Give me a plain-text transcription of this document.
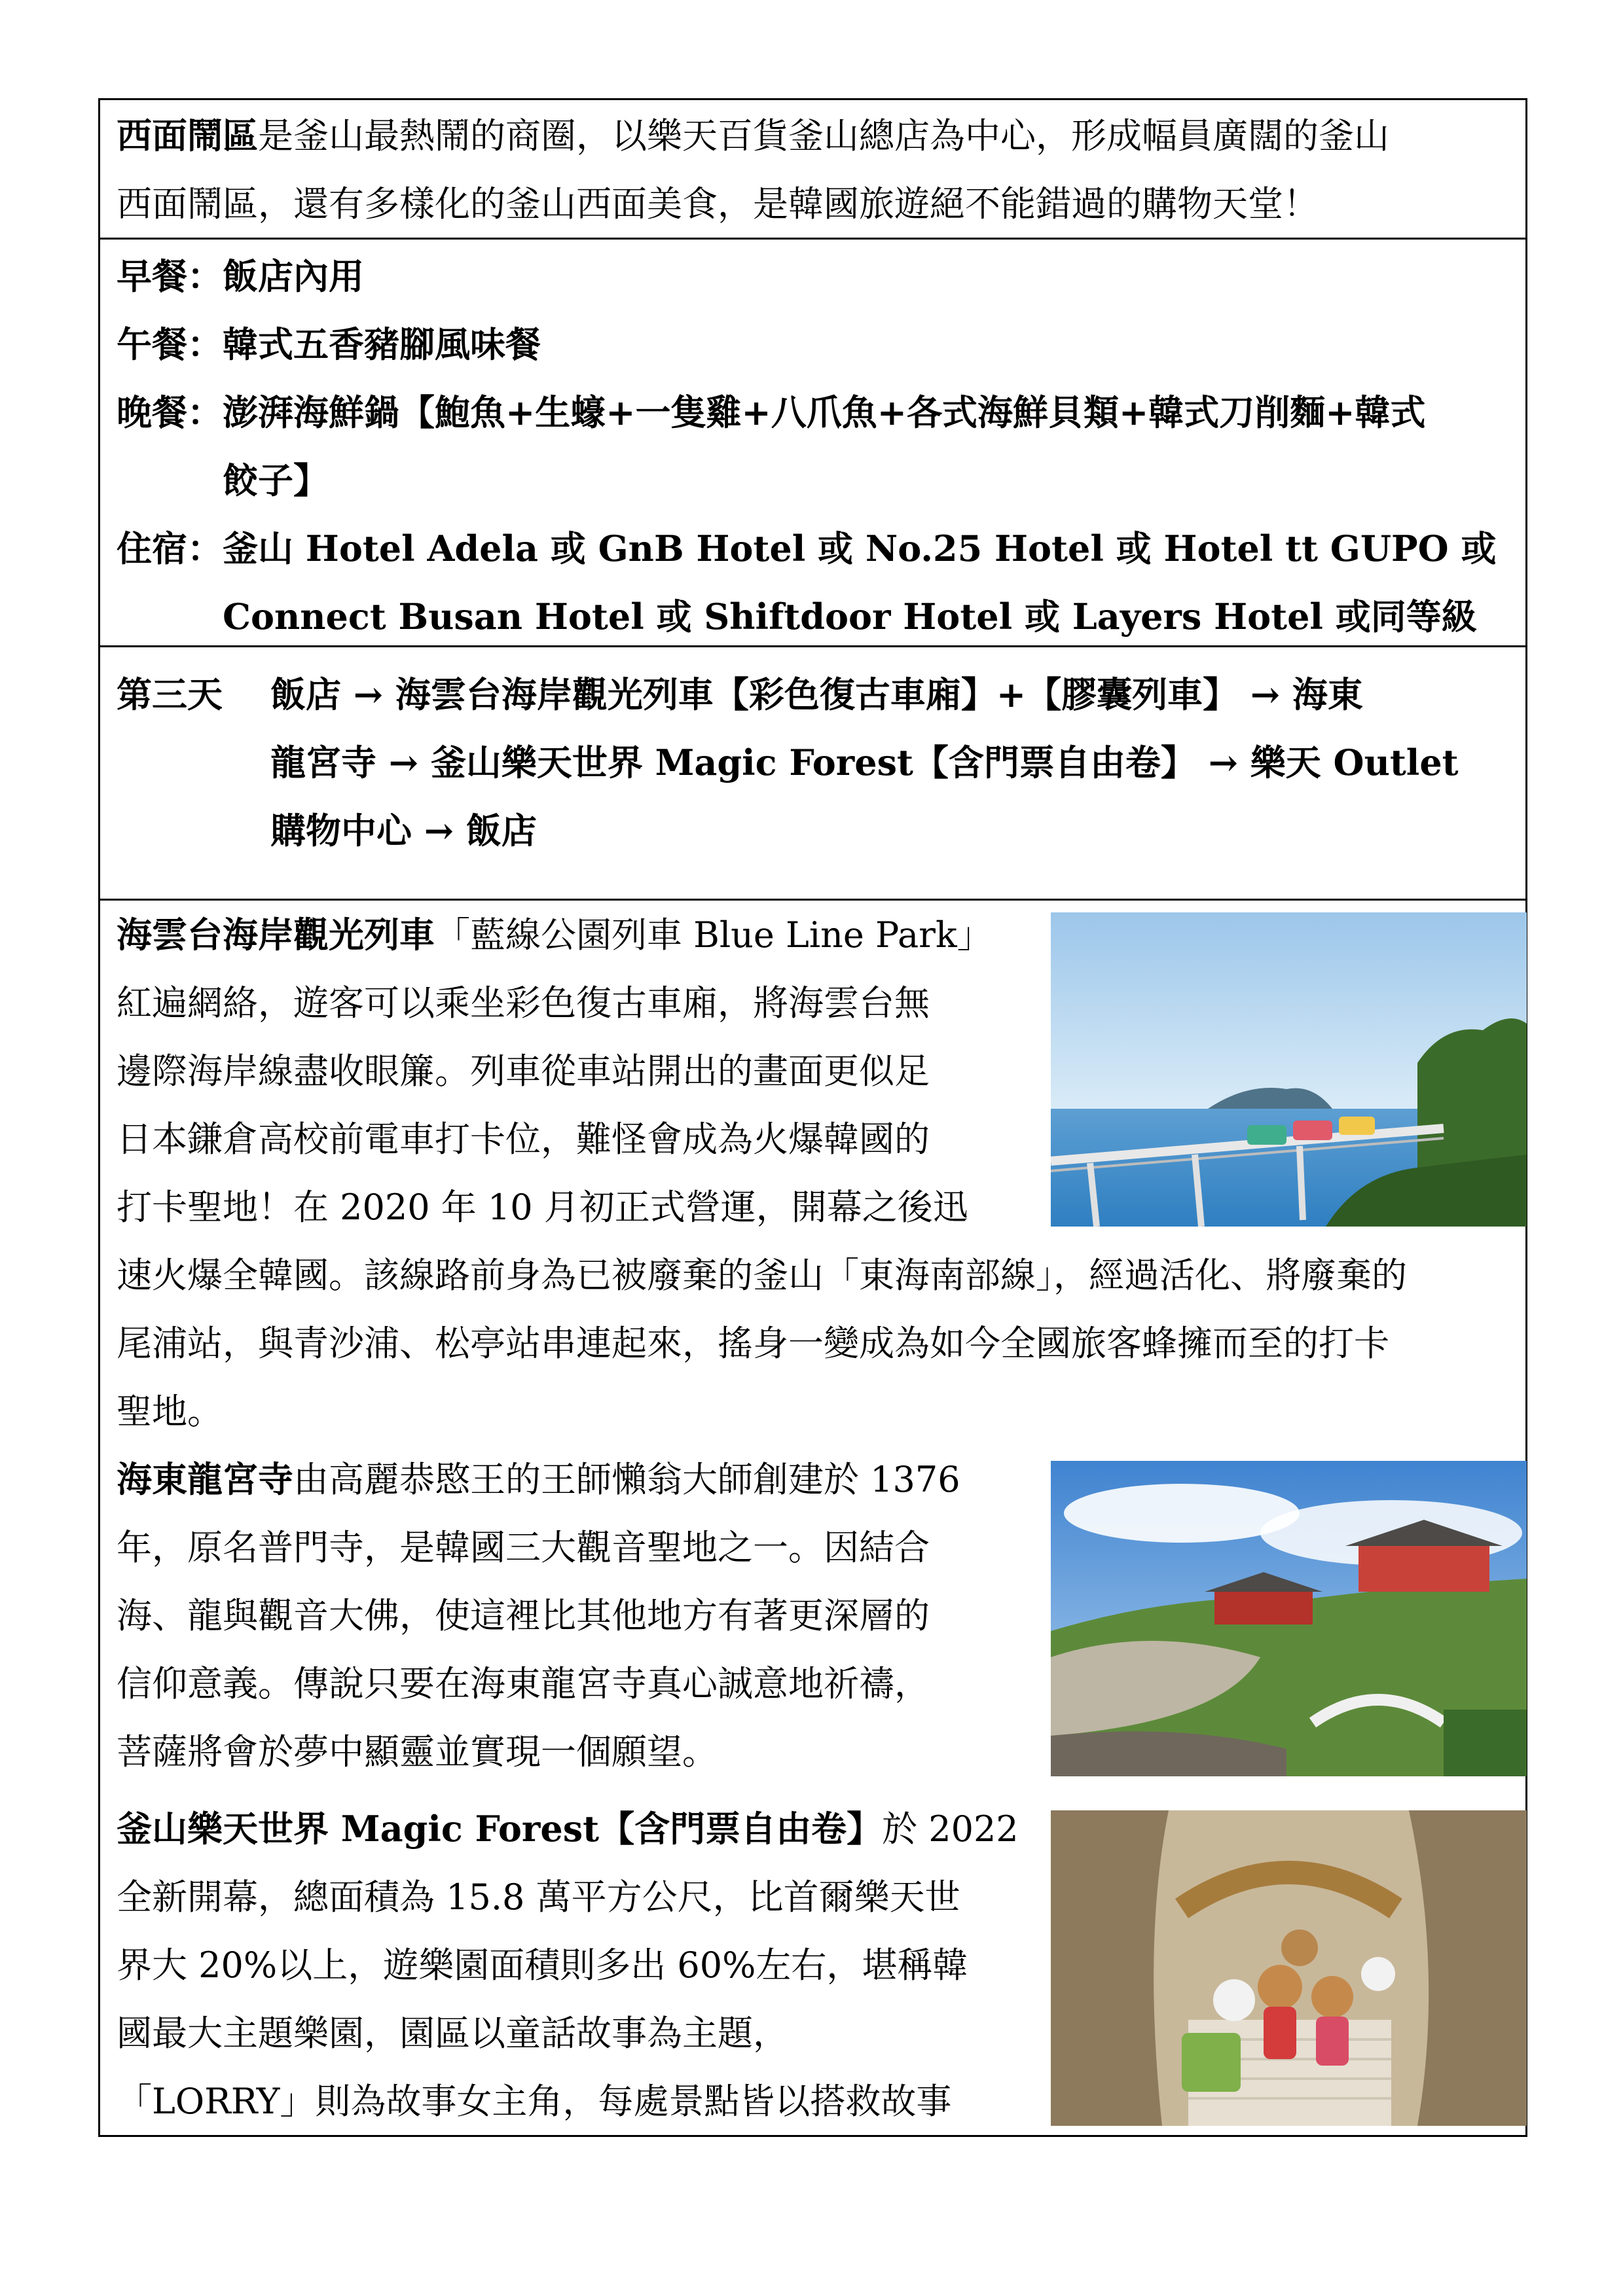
西面鬧區是釜山最熱鬧的商圈，以樂天百貨釜山總店為中心，形成幅員廣闊的釜山
西面鬧區，還有多樣化的釜山西面美食，是韓國旅遊絕不能錯過的購物天堂！
早餐： 飯店內用
午餐： 韓式五香豬腳風味餐
晚餐： 澎湃海鮮鍋【鮑魚+生蠔+一隻雞+八爪魚+各式海鮮貝類+韓式刀削麵+韓式
餃子】
住宿： 釜山 Hotel Adela 或 GnB Hotel 或 No.25 Hotel 或 Hotel tt GUPO 或
Connect Busan Hotel 或 Shiftdoor Hotel 或 Layers Hotel 或同等級
第三天	飯店 → 海雲台海岸觀光列車【彩色復古車廂】+【膠囊列車】 → 海東
龍宮寺 → 釜山樂天世界 Magic Forest【含門票自由卷】 → 樂天 Outlet
購物中心 → 飯店
海雲台海岸觀光列車「藍線公園列車 Blue Line Park」
紅遍網絡，遊客可以乘坐彩色復古車廂，將海雲台無
邊際海岸線盡收眼簾。列車從車站開出的畫面更似足
日本鎌倉高校前電車打卡位，難怪會成為火爆韓國的
打卡聖地！在 2020 年 10 月初正式營運，開幕之後迅
速火爆全韓國。該線路前身為已被廢棄的釜山「東海南部線」，經過活化、將廢棄的
尾浦站，與青沙浦、松亭站串連起來，搖身一變成為如今全國旅客蜂擁而至的打卡
聖地。
海東龍宮寺由高麗恭愍王的王師懶翁大師創建於 1376
年，原名普門寺，是韓國三大觀音聖地之一。因結合
海、龍與觀音大佛，使這裡比其他地方有著更深層的
信仰意義。傳說只要在海東龍宮寺真心誠意地祈禱，
菩薩將會於夢中顯靈並實現一個願望。
釜山樂天世界 Magic Forest【含門票自由卷】於 2022
全新開幕，總面積為 15.8 萬平方公尺，比首爾樂天世
界大 20%以上，遊樂園面積則多出 60%左右，堪稱韓
國最大主題樂園，園區以童話故事為主題，
「LORRY」則為故事女主角，每處景點皆以搭救故事
